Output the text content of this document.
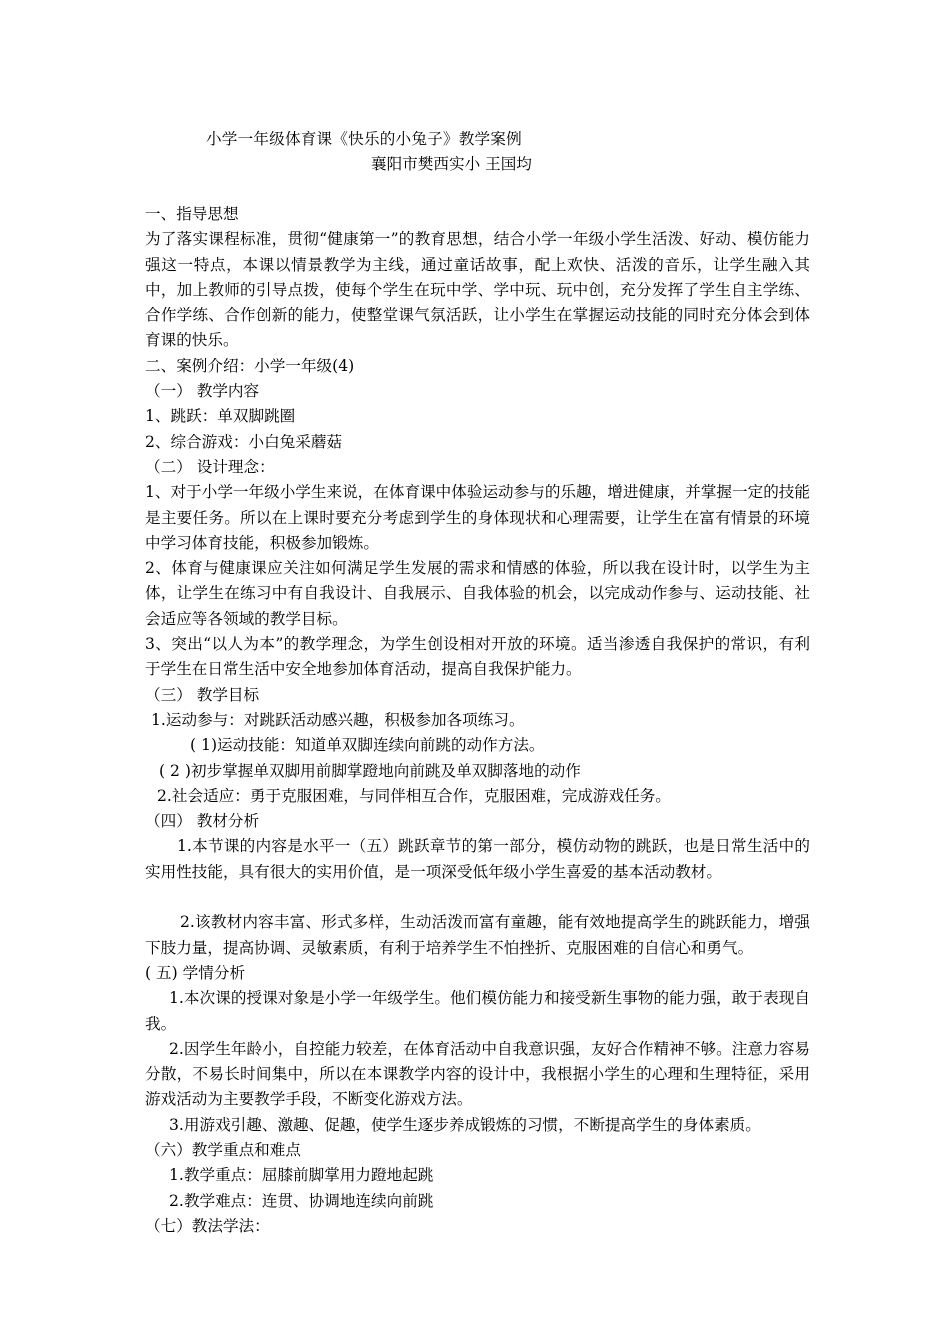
小学一年级体育课《快乐的小兔子》教学案例
襄阳市樊西实小 王国均

一、指导思想

为了落实课程标准，贯彻“健康第一”的教育思想，结合小学一年级小学生活泼、好动、模仿能力强这一特点，本课以情景教学为主线，通过童话故事，配上欢快、活泼的音乐，让学生融入其中，加上教师的引导点拨，使每个学生在玩中学、学中玩、玩中创，充分发挥了学生自主学练、合作学练、合作创新的能力，使整堂课气氛活跃，让小学生在掌握运动技能的同时充分体会到体育课的快乐。

二、案例介绍：小学一年级(4)

（一） 教学内容

1、跳跃：单双脚跳圈

2、综合游戏：小白兔采蘑菇

（二） 设计理念：

1、对于小学一年级小学生来说，在体育课中体验运动参与的乐趣，增进健康，并掌握一定的技能是主要任务。所以在上课时要充分考虑到学生的身体现状和心理需要，让学生在富有情景的环境中学习体育技能，积极参加锻炼。

2、体育与健康课应关注如何满足学生发展的需求和情感的体验，所以我在设计时，以学生为主体，让学生在练习中有自我设计、自我展示、自我体验的机会，以完成动作参与、运动技能、社会适应等各领域的教学目标。

3、突出“以人为本”的教学理念，为学生创设相对开放的环境。适当渗透自我保护的常识，有利于学生在日常生活中安全地参加体育活动，提高自我保护能力。

（三） 教学目标

1.运动参与：对跳跃活动感兴趣，积极参加各项练习。

( 1)运动技能：知道单双脚连续向前跳的动作方法。

( 2 )初步掌握单双脚用前脚掌蹬地向前跳及单双脚落地的动作

2.社会适应：勇于克服困难，与同伴相互合作，克服困难，完成游戏任务。

（四） 教材分析

1.本节课的内容是水平一（五）跳跃章节的第一部分，模仿动物的跳跃，也是日常生活中的实用性技能，具有很大的实用价值，是一项深受低年级小学生喜爱的基本活动教材。

2.该教材内容丰富、形式多样，生动活泼而富有童趣，能有效地提高学生的跳跃能力，增强下肢力量，提高协调、灵敏素质，有利于培养学生不怕挫折、克服困难的自信心和勇气。

( 五) 学情分析

1.本次课的授课对象是小学一年级学生。他们模仿能力和接受新生事物的能力强，敢于表现自我。

2.因学生年龄小，自控能力较差，在体育活动中自我意识强，友好合作精神不够。注意力容易分散，不易长时间集中，所以在本课教学内容的设计中，我根据小学生的心理和生理特征，采用游戏活动为主要教学手段，不断变化游戏方法。

3.用游戏引趣、激趣、促趣，使学生逐步养成锻炼的习惯，不断提高学生的身体素质。

（六）教学重点和难点

1.教学重点：屈膝前脚掌用力蹬地起跳

2.教学难点：连贯、协调地连续向前跳

（七）教法学法：
